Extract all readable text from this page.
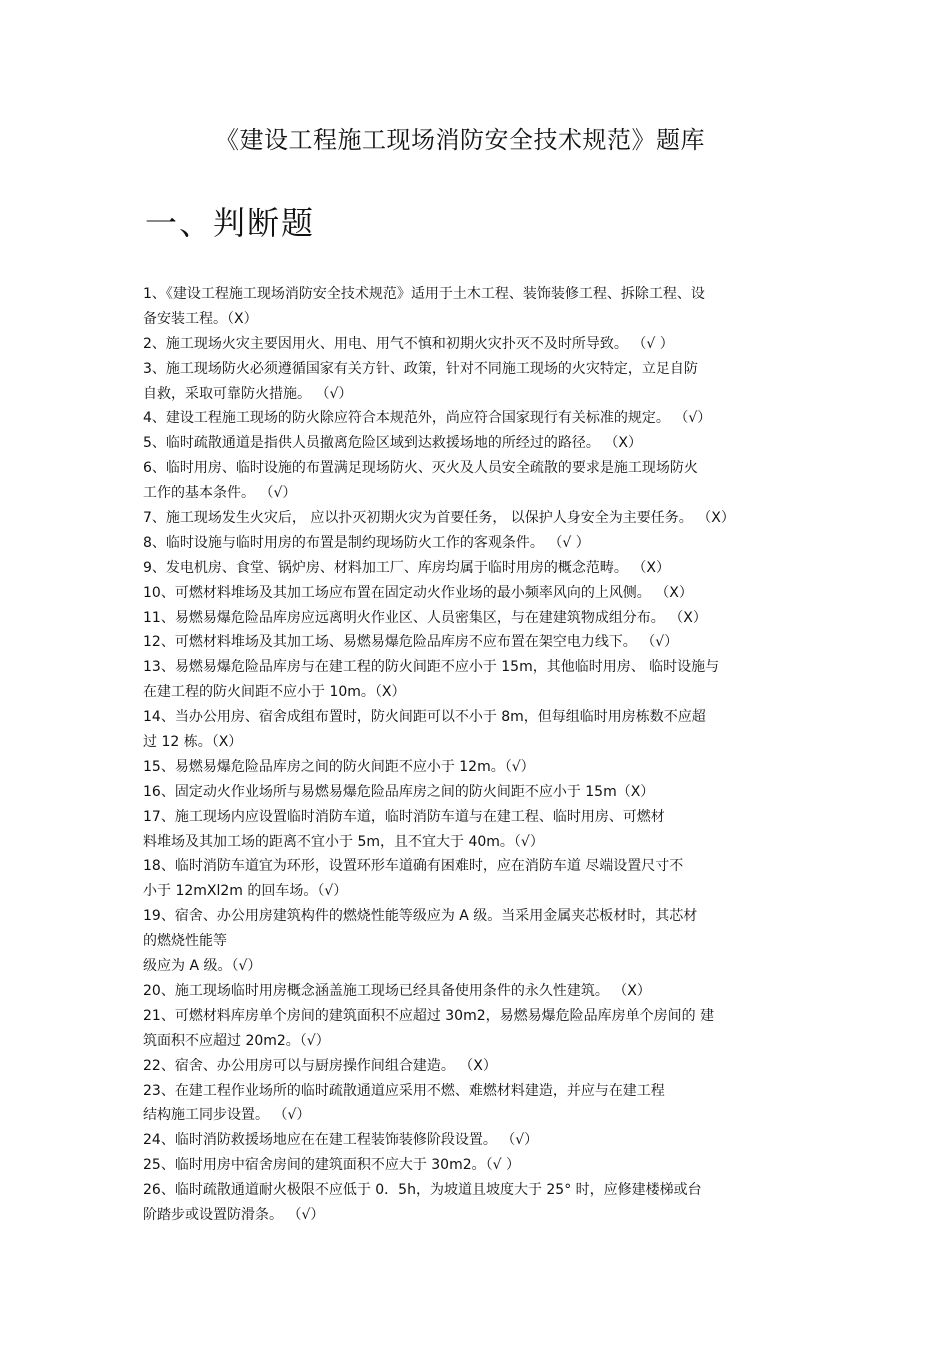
《建设工程施工现场消防安全技术规范》题库
一、判断题
1、《建设工程施工现场消防安全技术规范》适用于土木工程、装饰装修工程、拆除工程、设
备安装工程。（X）
2、施工现场火灾主要因用火、用电、用气不慎和初期火灾扑灭不及时所导致。 （√ ）
3、施工现场防火必须遵循国家有关方针、政策，针对不同施工现场的火灾特定，立足自防
自救，采取可靠防火措施。 （√）
4、建设工程施工现场的防火除应符合本规范外，尚应符合国家现行有关标准的规定。 （√）
5、临时疏散通道是指供人员撤离危险区域到达救援场地的所经过的路径。 （X）
6、临时用房、临时设施的布置满足现场防火、灭火及人员安全疏散的要求是施工现场防火
工作的基本条件。 （√）
7、施工现场发生火灾后， 应以扑灭初期火灾为首要任务， 以保护人身安全为主要任务。 （X）
8、临时设施与临时用房的布置是制约现场防火工作的客观条件。 （√ ）
9、发电机房、食堂、锅炉房、材料加工厂、库房均属于临时用房的概念范畴。 （X）
10、可燃材料堆场及其加工场应布置在固定动火作业场的最小频率风向的上风侧。 （X）
11、易燃易爆危险品库房应远离明火作业区、人员密集区，与在建建筑物成组分布。 （X）
12、可燃材料堆场及其加工场、易燃易爆危险品库房不应布置在架空电力线下。 （√）
13、易燃易爆危险品库房与在建工程的防火间距不应小于 15m，其他临时用房、 临时设施与
在建工程的防火间距不应小于 10m。（X）
14、当办公用房、宿舍成组布置时，防火间距可以不小于 8m，但每组临时用房栋数不应超
过 12 栋。（X）
15、易燃易爆危险品库房之间的防火间距不应小于 12m。（√）
16、固定动火作业场所与易燃易爆危险品库房之间的防火间距不应小于 15m（X）
17、施工现场内应设置临时消防车道，临时消防车道与在建工程、临时用房、可燃材
料堆场及其加工场的距离不宜小于 5m，且不宜大于 40m。（√）
18、临时消防车道宜为环形，设置环形车道确有困难时，应在消防车道 尽端设置尺寸不
小于 12mXl2m 的回车场。（√）
19、宿舍、办公用房建筑构件的燃烧性能等级应为 A 级。当采用金属夹芯板材时，其芯材
的燃烧性能等
级应为 A 级。（√）
20、施工现场临时用房概念涵盖施工现场已经具备使用条件的永久性建筑。 （X）
21、可燃材料库房单个房间的建筑面积不应超过 30m2，易燃易爆危险品库房单个房间的 建
筑面积不应超过 20m2。（√）
22、宿舍、办公用房可以与厨房操作间组合建造。 （X）
23、在建工程作业场所的临时疏散通道应采用不燃、难燃材料建造，并应与在建工程
结构施工同步设置。 （√）
24、临时消防救援场地应在在建工程装饰装修阶段设置。 （√）
25、临时用房中宿舍房间的建筑面积不应大于 30m2。（√ ）
26、临时疏散通道耐火极限不应低于 0．5h，为坡道且坡度大于 25° 时，应修建楼梯或台
阶踏步或设置防滑条。 （√）
